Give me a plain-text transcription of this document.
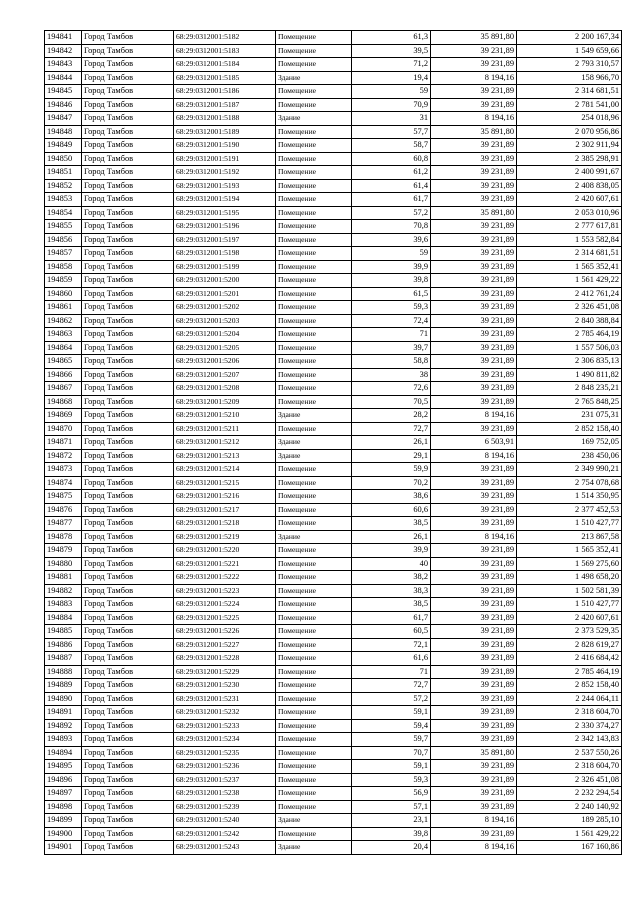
194841	Город Тамбов	68:29:0312001:5182	Помещение	61,3	35 891,80	2 200 167,34
194842	Город Тамбов	68:29:0312001:5183	Помещение	39,5	39 231,89	1 549 659,66
194843	Город Тамбов	68:29:0312001:5184	Помещение	71,2	39 231,89	2 793 310,57
194844	Город Тамбов	68:29:0312001:5185	Здание	19,4	8 194,16	158 966,70
194845	Город Тамбов	68:29:0312001:5186	Помещение	59	39 231,89	2 314 681,51
194846	Город Тамбов	68:29:0312001:5187	Помещение	70,9	39 231,89	2 781 541,00
194847	Город Тамбов	68:29:0312001:5188	Здание	31	8 194,16	254 018,96
194848	Город Тамбов	68:29:0312001:5189	Помещение	57,7	35 891,80	2 070 956,86
194849	Город Тамбов	68:29:0312001:5190	Помещение	58,7	39 231,89	2 302 911,94
194850	Город Тамбов	68:29:0312001:5191	Помещение	60,8	39 231,89	2 385 298,91
194851	Город Тамбов	68:29:0312001:5192	Помещение	61,2	39 231,89	2 400 991,67
194852	Город Тамбов	68:29:0312001:5193	Помещение	61,4	39 231,89	2 408 838,05
194853	Город Тамбов	68:29:0312001:5194	Помещение	61,7	39 231,89	2 420 607,61
194854	Город Тамбов	68:29:0312001:5195	Помещение	57,2	35 891,80	2 053 010,96
194855	Город Тамбов	68:29:0312001:5196	Помещение	70,8	39 231,89	2 777 617,81
194856	Город Тамбов	68:29:0312001:5197	Помещение	39,6	39 231,89	1 553 582,84
194857	Город Тамбов	68:29:0312001:5198	Помещение	59	39 231,89	2 314 681,51
194858	Город Тамбов	68:29:0312001:5199	Помещение	39,9	39 231,89	1 565 352,41
194859	Город Тамбов	68:29:0312001:5200	Помещение	39,8	39 231,89	1 561 429,22
194860	Город Тамбов	68:29:0312001:5201	Помещение	61,5	39 231,89	2 412 761,24
194861	Город Тамбов	68:29:0312001:5202	Помещение	59,3	39 231,89	2 326 451,08
194862	Город Тамбов	68:29:0312001:5203	Помещение	72,4	39 231,89	2 840 388,84
194863	Город Тамбов	68:29:0312001:5204	Помещение	71	39 231,89	2 785 464,19
194864	Город Тамбов	68:29:0312001:5205	Помещение	39,7	39 231,89	1 557 506,03
194865	Город Тамбов	68:29:0312001:5206	Помещение	58,8	39 231,89	2 306 835,13
194866	Город Тамбов	68:29:0312001:5207	Помещение	38	39 231,89	1 490 811,82
194867	Город Тамбов	68:29:0312001:5208	Помещение	72,6	39 231,89	2 848 235,21
194868	Город Тамбов	68:29:0312001:5209	Помещение	70,5	39 231,89	2 765 848,25
194869	Город Тамбов	68:29:0312001:5210	Здание	28,2	8 194,16	231 075,31
194870	Город Тамбов	68:29:0312001:5211	Помещение	72,7	39 231,89	2 852 158,40
194871	Город Тамбов	68:29:0312001:5212	Здание	26,1	6 503,91	169 752,05
194872	Город Тамбов	68:29:0312001:5213	Здание	29,1	8 194,16	238 450,06
194873	Город Тамбов	68:29:0312001:5214	Помещение	59,9	39 231,89	2 349 990,21
194874	Город Тамбов	68:29:0312001:5215	Помещение	70,2	39 231,89	2 754 078,68
194875	Город Тамбов	68:29:0312001:5216	Помещение	38,6	39 231,89	1 514 350,95
194876	Город Тамбов	68:29:0312001:5217	Помещение	60,6	39 231,89	2 377 452,53
194877	Город Тамбов	68:29:0312001:5218	Помещение	38,5	39 231,89	1 510 427,77
194878	Город Тамбов	68:29:0312001:5219	Здание	26,1	8 194,16	213 867,58
194879	Город Тамбов	68:29:0312001:5220	Помещение	39,9	39 231,89	1 565 352,41
194880	Город Тамбов	68:29:0312001:5221	Помещение	40	39 231,89	1 569 275,60
194881	Город Тамбов	68:29:0312001:5222	Помещение	38,2	39 231,89	1 498 658,20
194882	Город Тамбов	68:29:0312001:5223	Помещение	38,3	39 231,89	1 502 581,39
194883	Город Тамбов	68:29:0312001:5224	Помещение	38,5	39 231,89	1 510 427,77
194884	Город Тамбов	68:29:0312001:5225	Помещение	61,7	39 231,89	2 420 607,61
194885	Город Тамбов	68:29:0312001:5226	Помещение	60,5	39 231,89	2 373 529,35
194886	Город Тамбов	68:29:0312001:5227	Помещение	72,1	39 231,89	2 828 619,27
194887	Город Тамбов	68:29:0312001:5228	Помещение	61,6	39 231,89	2 416 684,42
194888	Город Тамбов	68:29:0312001:5229	Помещение	71	39 231,89	2 785 464,19
194889	Город Тамбов	68:29:0312001:5230	Помещение	72,7	39 231,89	2 852 158,40
194890	Город Тамбов	68:29:0312001:5231	Помещение	57,2	39 231,89	2 244 064,11
194891	Город Тамбов	68:29:0312001:5232	Помещение	59,1	39 231,89	2 318 604,70
194892	Город Тамбов	68:29:0312001:5233	Помещение	59,4	39 231,89	2 330 374,27
194893	Город Тамбов	68:29:0312001:5234	Помещение	59,7	39 231,89	2 342 143,83
194894	Город Тамбов	68:29:0312001:5235	Помещение	70,7	35 891,80	2 537 550,26
194895	Город Тамбов	68:29:0312001:5236	Помещение	59,1	39 231,89	2 318 604,70
194896	Город Тамбов	68:29:0312001:5237	Помещение	59,3	39 231,89	2 326 451,08
194897	Город Тамбов	68:29:0312001:5238	Помещение	56,9	39 231,89	2 232 294,54
194898	Город Тамбов	68:29:0312001:5239	Помещение	57,1	39 231,89	2 240 140,92
194899	Город Тамбов	68:29:0312001:5240	Здание	23,1	8 194,16	189 285,10
194900	Город Тамбов	68:29:0312001:5242	Помещение	39,8	39 231,89	1 561 429,22
194901	Город Тамбов	68:29:0312001:5243	Здание	20,4	8 194,16	167 160,86
